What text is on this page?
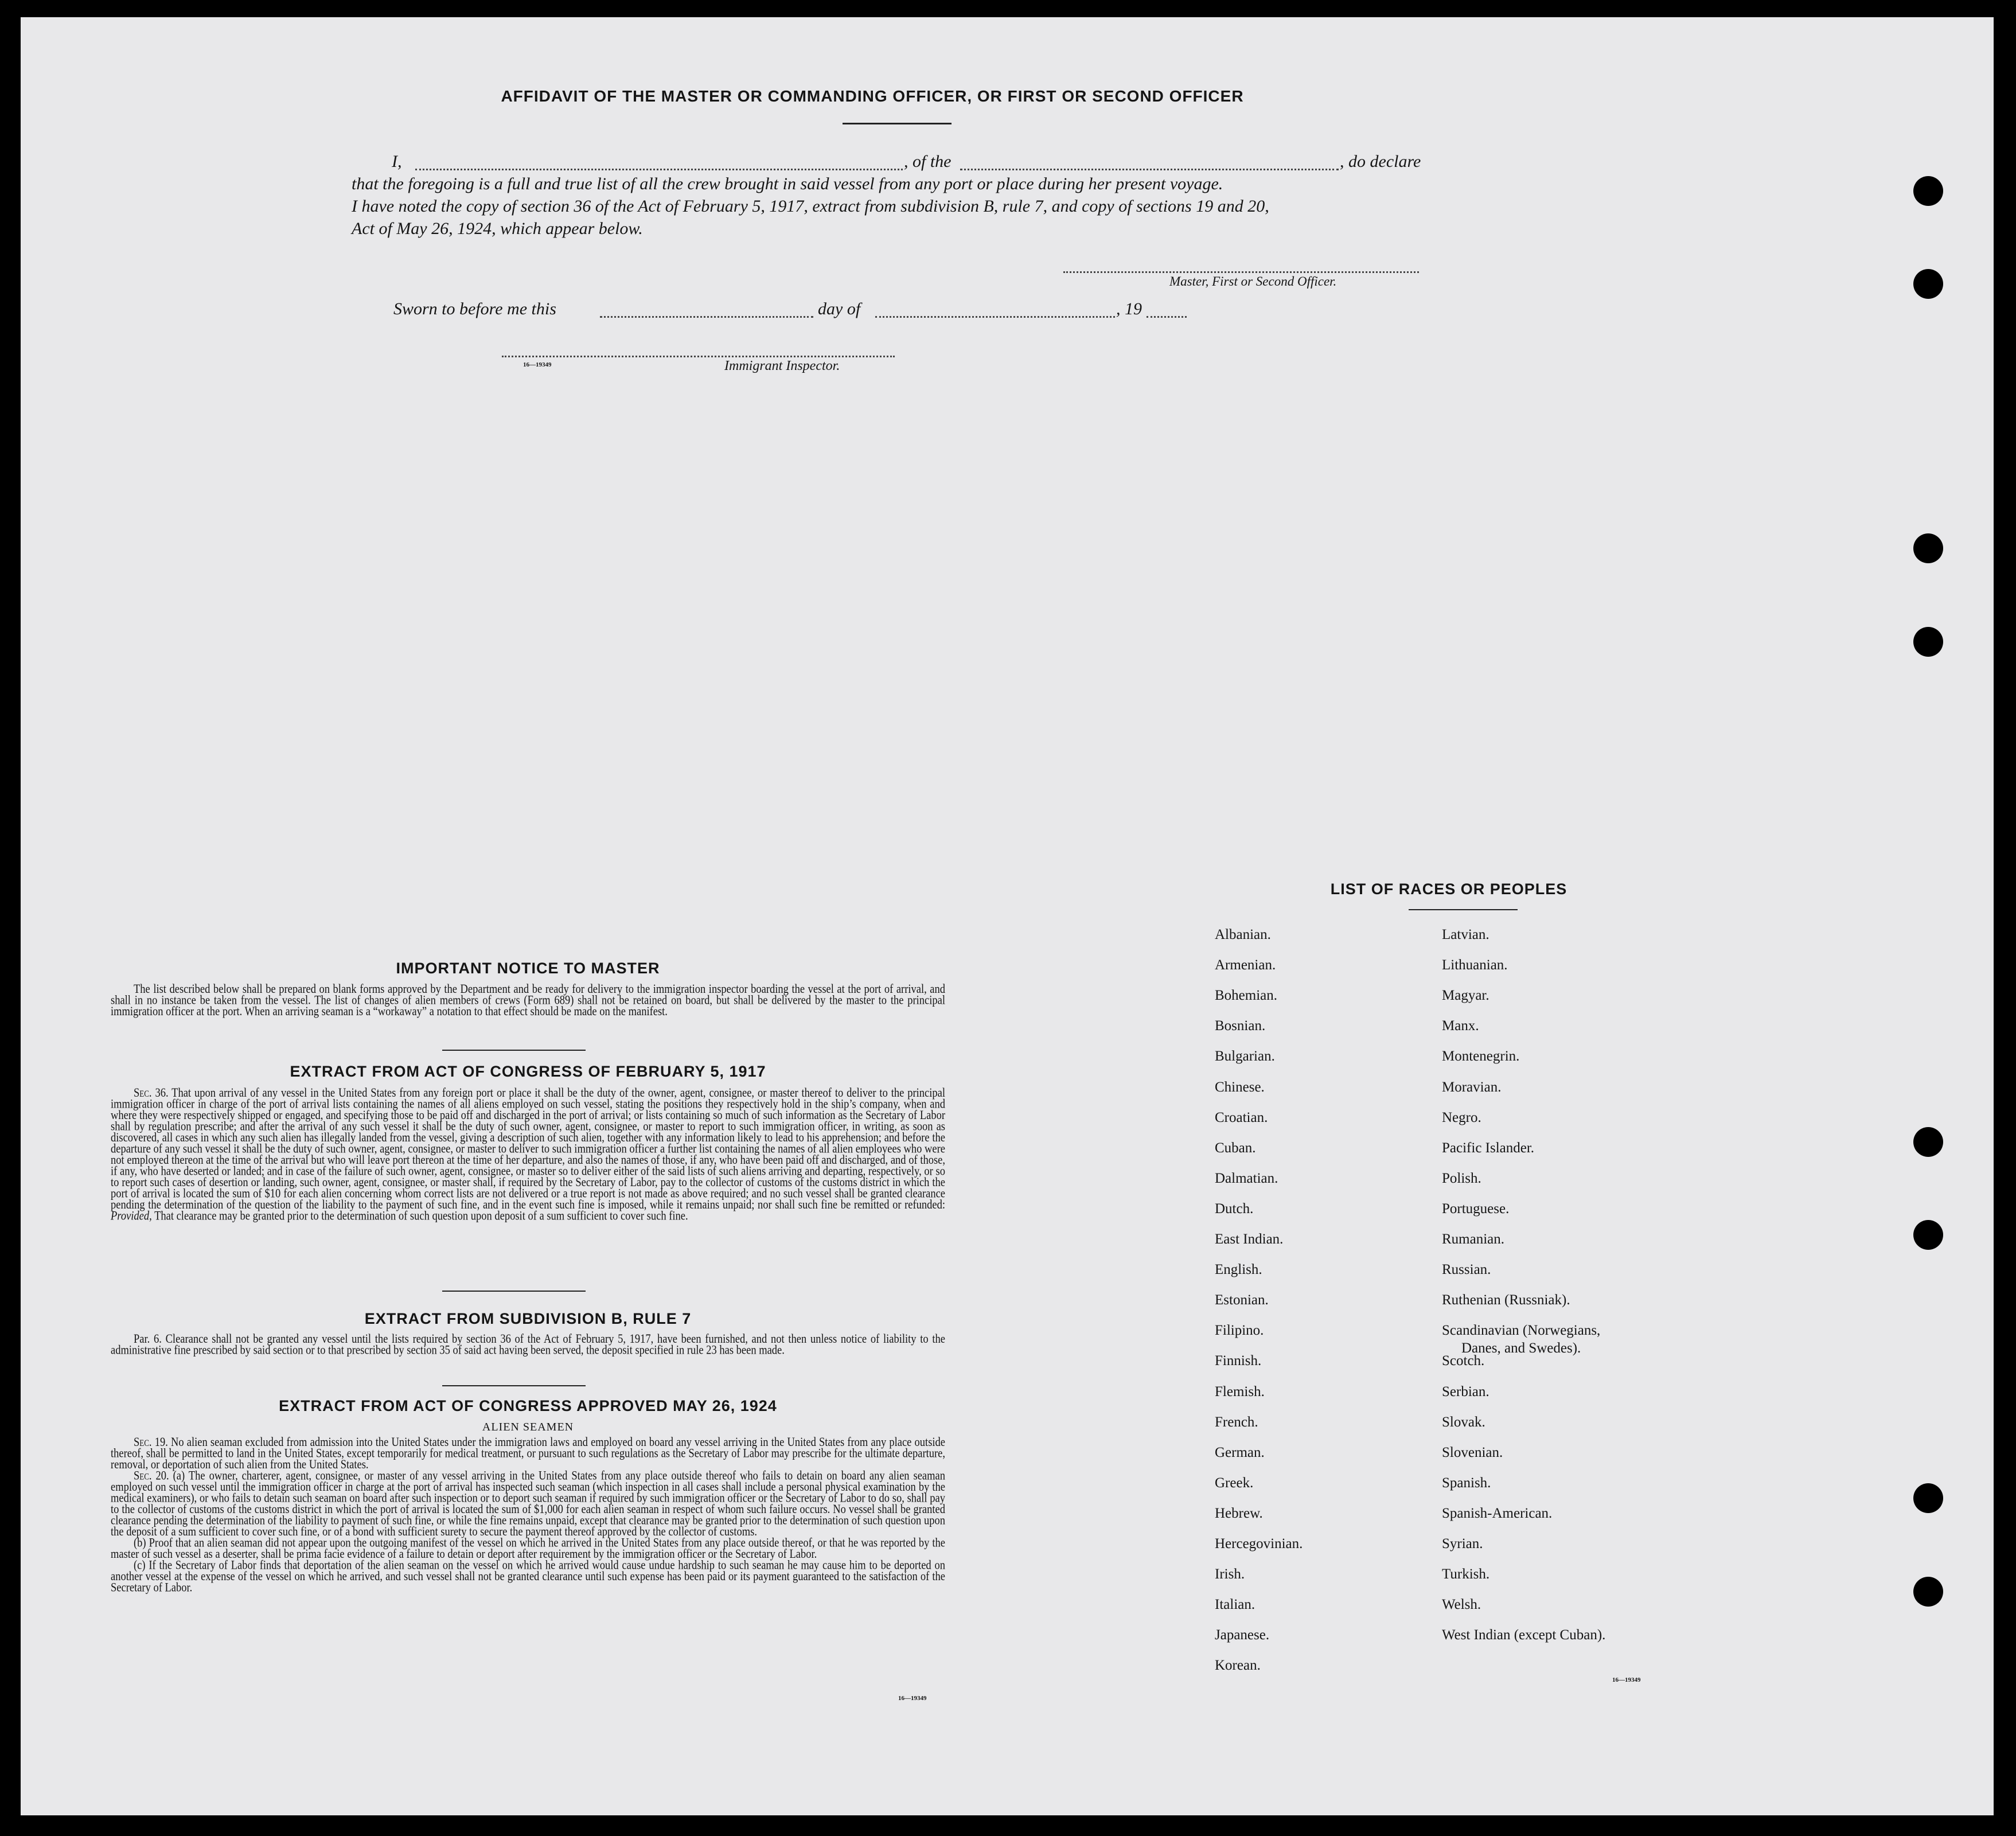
AFFIDAVIT OF THE MASTER OR COMMANDING OFFICER, OR FIRST OR SECOND OFFICER
I,	, of the	, do declare
that the foregoing is a full and true list of all the crew brought in said vessel from any port or place during her present voyage.
I have noted the copy of section 36 of the Act of February 5, 1917, extract from subdivision B, rule 7, and copy of sections 19 and 20,
Act of May 26, 1924, which appear below.
Master, First or Second Officer.
Sworn to before me this	day of	, 19
16—19349	Immigrant Inspector.
IMPORTANT NOTICE TO MASTER

The list described below shall be prepared on blank forms approved by the Department and be ready for delivery to the immigration inspector boarding the vessel at the port of arrival, and shall in no instance be taken from the vessel. The list of changes of alien members of crews (Form 689) shall not be retained on board, but shall be delivered by the master to the principal immigration officer at the port. When an arriving seaman is a “workaway” a notation to that effect should be made on the manifest.

EXTRACT FROM ACT OF CONGRESS OF FEBRUARY 5, 1917

Sec. 36. That upon arrival of any vessel in the United States from any foreign port or place it shall be the duty of the owner, agent, consignee, or master thereof to deliver to the principal immigration officer in charge of the port of arrival lists containing the names of all aliens employed on such vessel, stating the positions they respectively hold in the ship’s company, when and where they were respectively shipped or engaged, and specifying those to be paid off and discharged in the port of arrival; or lists containing so much of such information as the Secretary of Labor shall by regulation prescribe; and after the arrival of any such vessel it shall be the duty of such owner, agent, consignee, or master to report to such immigration officer, in writing, as soon as discovered, all cases in which any such alien has illegally landed from the vessel, giving a description of such alien, together with any information likely to lead to his apprehension; and before the departure of any such vessel it shall be the duty of such owner, agent, consignee, or master to deliver to such immigration officer a further list containing the names of all alien employees who were not employed thereon at the time of the arrival but who will leave port thereon at the time of her departure, and also the names of those, if any, who have been paid off and discharged, and of those, if any, who have deserted or landed; and in case of the failure of such owner, agent, consignee, or master so to deliver either of the said lists of such aliens arriving and departing, respectively, or so to report such cases of desertion or landing, such owner, agent, consignee, or master shall, if required by the Secretary of Labor, pay to the collector of customs of the customs district in which the port of arrival is located the sum of $10 for each alien concerning whom correct lists are not delivered or a true report is not made as above required; and no such vessel shall be granted clearance pending the determination of the question of the liability to the payment of such fine, and in the event such fine is imposed, while it remains unpaid; nor shall such fine be remitted or refunded: Provided, That clearance may be granted prior to the determination of such question upon deposit of a sum sufficient to cover such fine.

EXTRACT FROM SUBDIVISION B, RULE 7

Par. 6. Clearance shall not be granted any vessel until the lists required by section 36 of the Act of February 5, 1917, have been furnished, and not then unless notice of liability to the administrative fine prescribed by said section or to that prescribed by section 35 of said act having been served, the deposit specified in rule 23 has been made.

EXTRACT FROM ACT OF CONGRESS APPROVED MAY 26, 1924
ALIEN SEAMEN

Sec. 19. No alien seaman excluded from admission into the United States under the immigration laws and employed on board any vessel arriving in the United States from any place outside thereof, shall be permitted to land in the United States, except temporarily for medical treatment, or pursuant to such regulations as the Secretary of Labor may prescribe for the ultimate departure, removal, or deportation of such alien from the United States.

Sec. 20. (a) The owner, charterer, agent, consignee, or master of any vessel arriving in the United States from any place outside thereof who fails to detain on board any alien seaman employed on such vessel until the immigration officer in charge at the port of arrival has inspected such seaman (which inspection in all cases shall include a personal physical examination by the medical examiners), or who fails to detain such seaman on board after such inspection or to deport such seaman if required by such immigration officer or the Secretary of Labor to do so, shall pay to the collector of customs of the customs district in which the port of arrival is located the sum of $1,000 for each alien seaman in respect of whom such failure occurs. No vessel shall be granted clearance pending the determination of the liability to payment of such fine, or while the fine remains unpaid, except that clearance may be granted prior to the determination of such question upon the deposit of a sum sufficient to cover such fine, or of a bond with sufficient surety to secure the payment thereof approved by the collector of customs.

(b) Proof that an alien seaman did not appear upon the outgoing manifest of the vessel on which he arrived in the United States from any place outside thereof, or that he was reported by the master of such vessel as a deserter, shall be prima facie evidence of a failure to detain or deport after requirement by the immigration officer or the Secretary of Labor.

(c) If the Secretary of Labor finds that deportation of the alien seaman on the vessel on which he arrived would cause undue hardship to such seaman he may cause him to be deported on another vessel at the expense of the vessel on which he arrived, and such vessel shall not be granted clearance until such expense has been paid or its payment guaranteed to the satisfaction of the Secretary of Labor.

16—19349
LIST OF RACES OR PEOPLES
Albanian.
Armenian.
Bohemian.
Bosnian.
Bulgarian.
Chinese.
Croatian.
Cuban.
Dalmatian.
Dutch.
East Indian.
English.
Estonian.
Filipino.
Finnish.
Flemish.
French.
German.
Greek.
Hebrew.
Hercegovinian.
Irish.
Italian.
Japanese.
Korean.
Latvian.
Lithuanian.
Magyar.
Manx.
Montenegrin.
Moravian.
Negro.
Pacific Islander.
Polish.
Portuguese.
Rumanian.
Russian.
Ruthenian (Russniak).
Scandinavian (Norwegians,
Danes, and Swedes).
Scotch.
Serbian.
Slovak.
Slovenian.
Spanish.
Spanish-American.
Syrian.
Turkish.
Welsh.
West Indian (except Cuban).
16—19349
